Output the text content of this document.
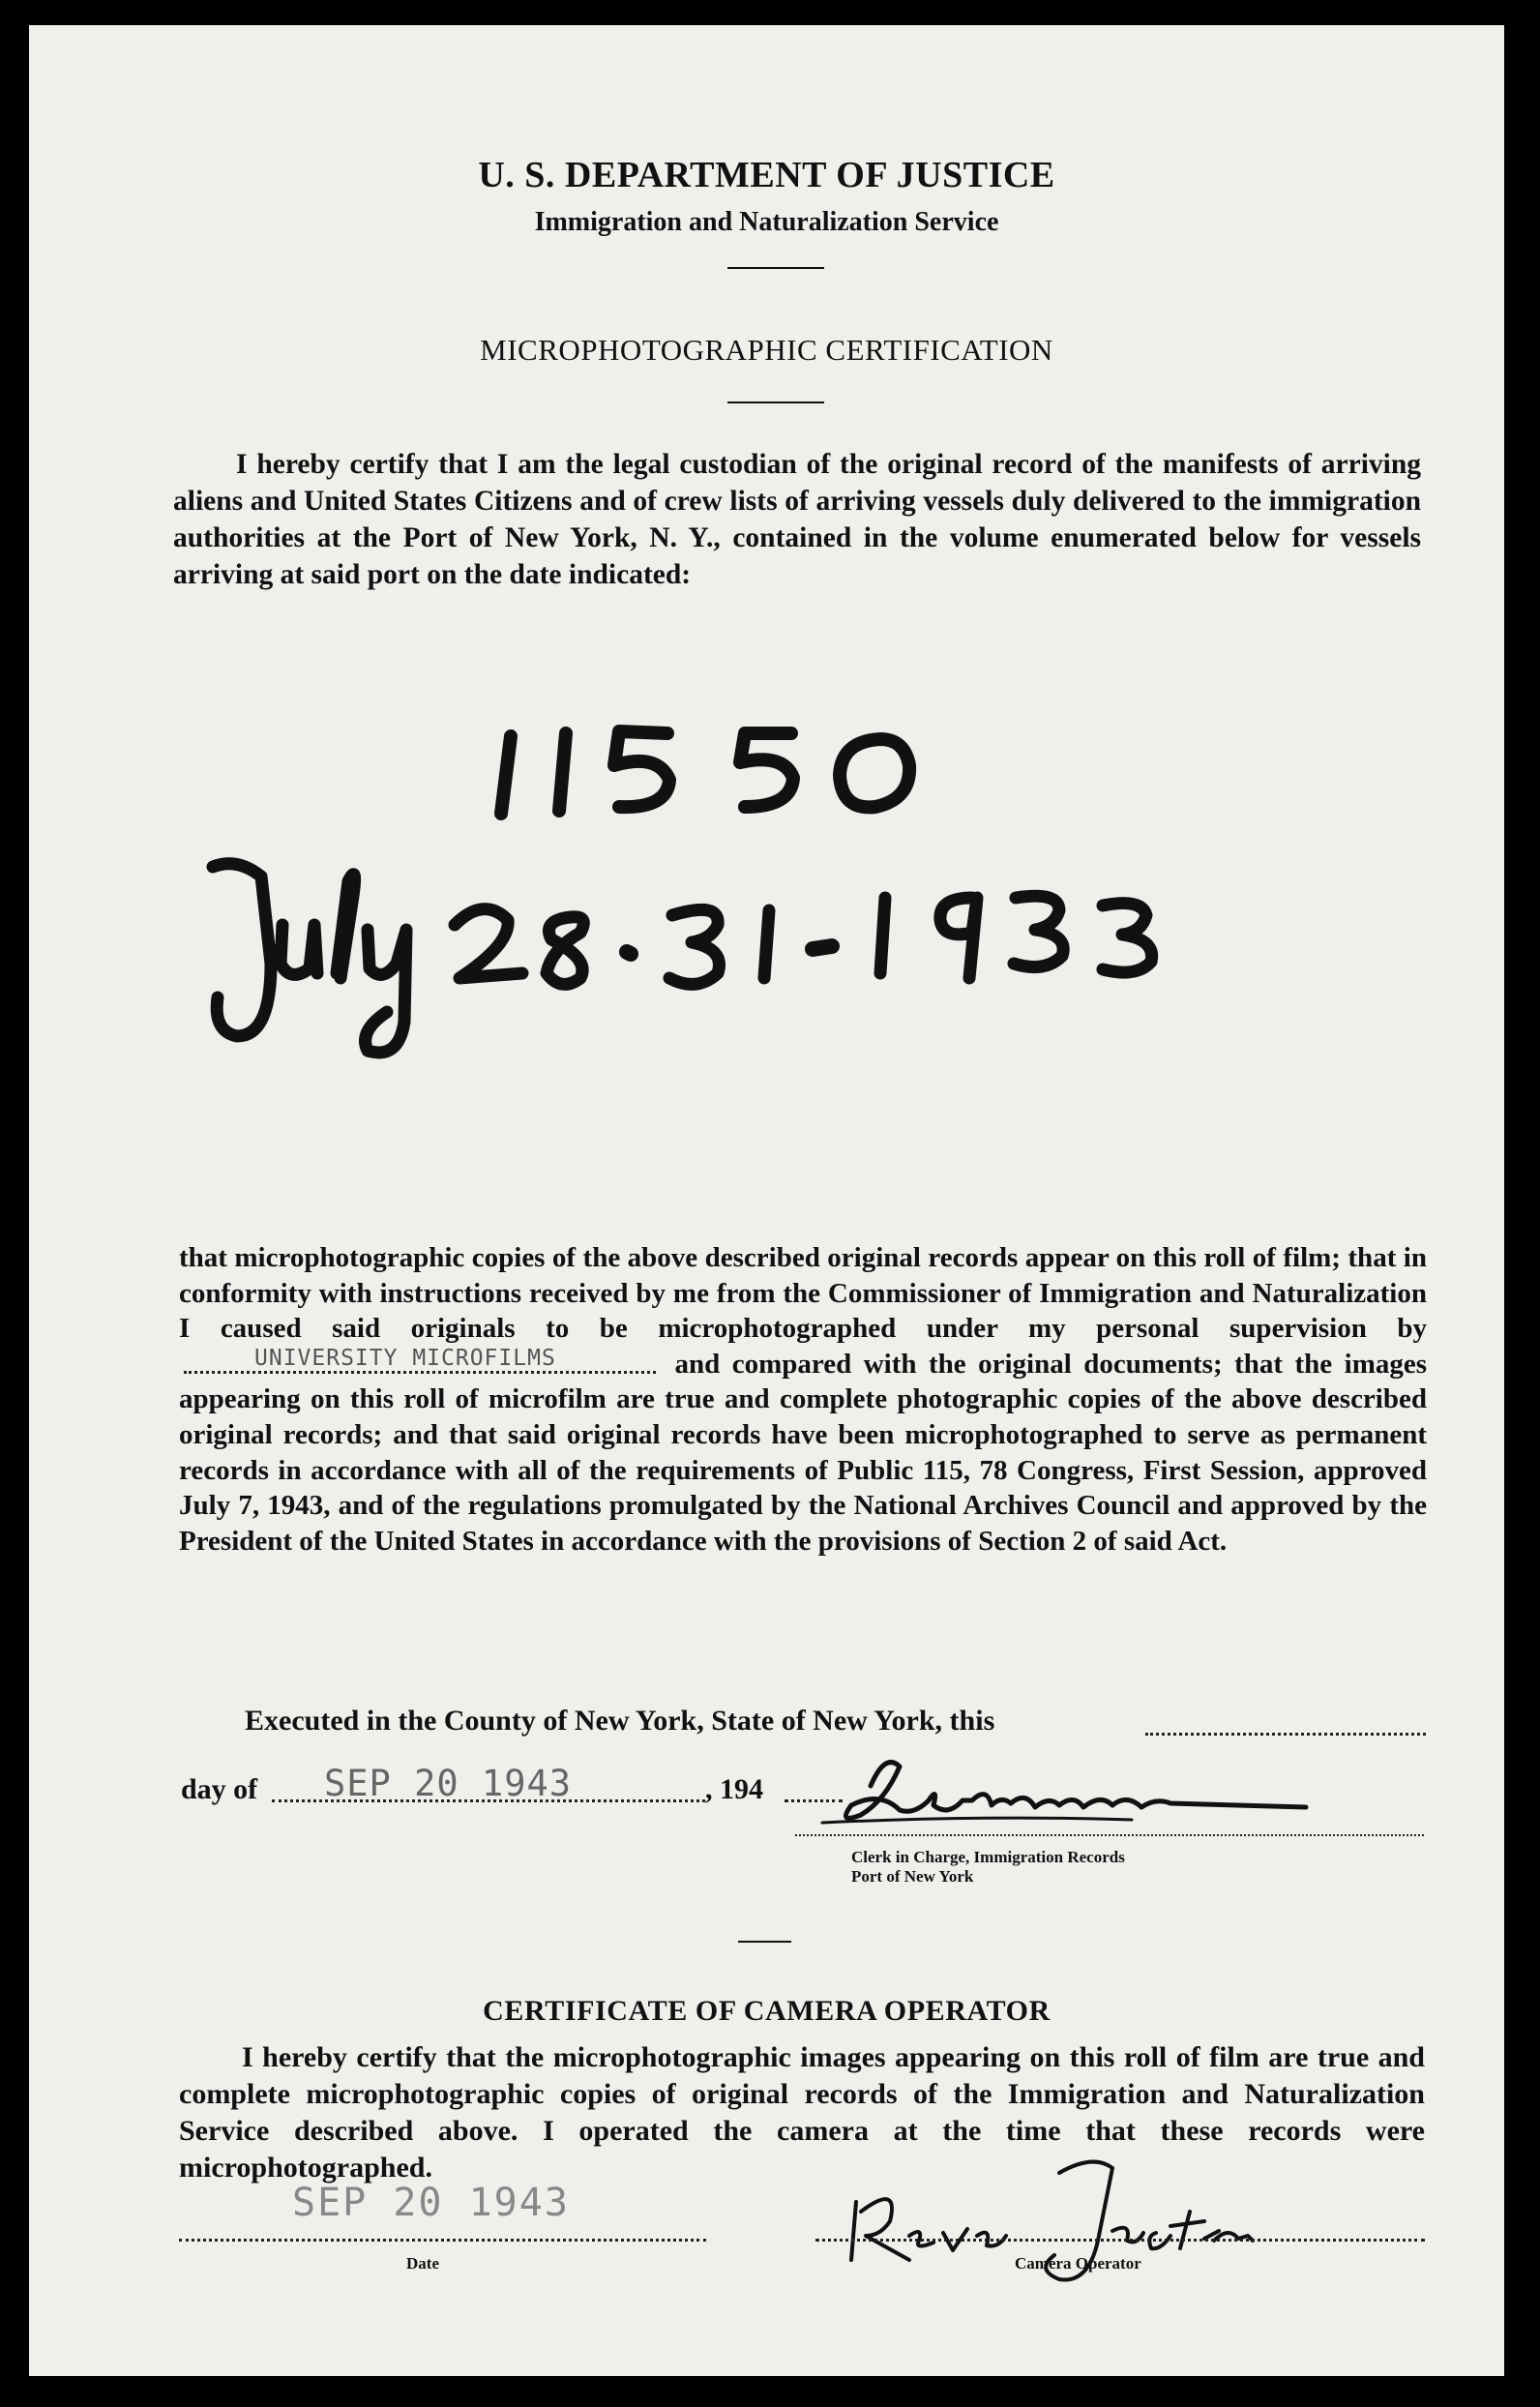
U. S. DEPARTMENT OF JUSTICE
Immigration and Naturalization Service
MICROPHOTOGRAPHIC CERTIFICATION
I hereby certify that I am the legal custodian of the original record of the manifests of arriving aliens and United States Citizens and of crew lists of arriving vessels duly delivered to the immigration authorities at the Port of New York, N. Y., contained in the volume enumerated below for vessels arriving at said port on the date indicated:
that microphotographic copies of the above described original records appear on this roll of film; that in conformity with instructions received by me from the Commissioner of Immigration and Naturalization I caused said originals to be microphotographed under my personal supervision by
UNIVERSITY MICROFILMS	and compared with the original documents; that the images appearing on this roll of microfilm are true and complete photographic copies of the above described original records; and that said original records have been microphotographed to serve as permanent records in accordance with all of the requirements of Public 115, 78 Congress, First Session, approved July 7, 1943, and of the regulations promulgated by the National Archives Council and approved by the President of the United States in accordance with the provisions of Section 2 of said Act.
Executed in the County of New York, State of New York, this
day of SEP 20 1943	, 194
Clerk in Charge, Immigration Records
Port of New York
CERTIFICATE OF CAMERA OPERATOR
I hereby certify that the microphotographic images appearing on this roll of film are true and complete microphotographic copies of original records of the Immigration and Naturalization Service described above. I operated the camera at the time that these records were microphotographed.
SEP 20 1943
Date	Camera Operator
